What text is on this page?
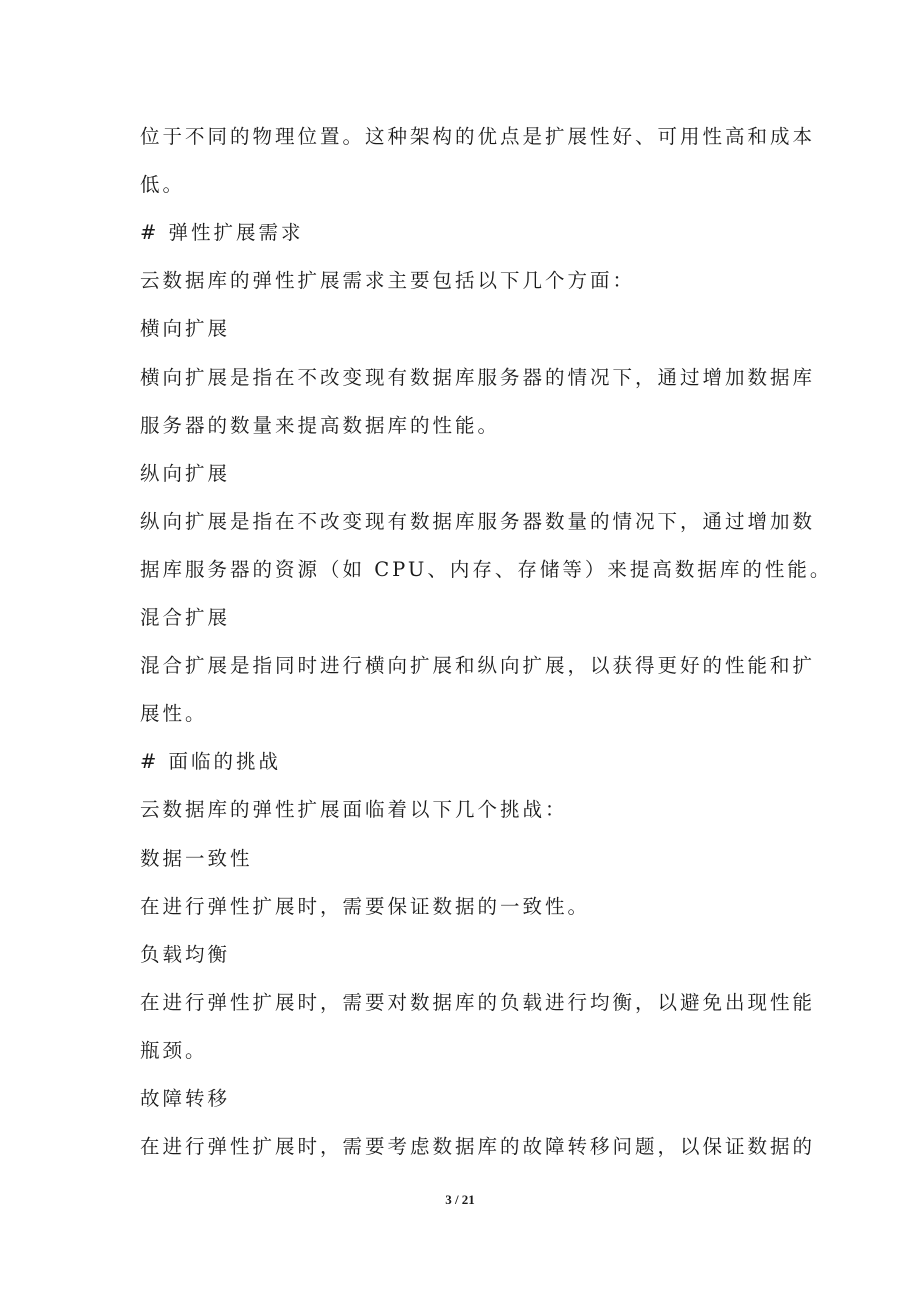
位于不同的物理位置。这种架构的优点是扩展性好、可用性高和成本
低。
# 弹性扩展需求
云数据库的弹性扩展需求主要包括以下几个方面：
横向扩展
横向扩展是指在不改变现有数据库服务器的情况下，通过增加数据库
服务器的数量来提高数据库的性能。
纵向扩展
纵向扩展是指在不改变现有数据库服务器数量的情况下，通过增加数
据库服务器的资源（如 CPU、内存、存储等）来提高数据库的性能。
混合扩展
混合扩展是指同时进行横向扩展和纵向扩展，以获得更好的性能和扩
展性。
# 面临的挑战
云数据库的弹性扩展面临着以下几个挑战：
数据一致性
在进行弹性扩展时，需要保证数据的一致性。
负载均衡
在进行弹性扩展时，需要对数据库的负载进行均衡，以避免出现性能
瓶颈。
故障转移
在进行弹性扩展时，需要考虑数据库的故障转移问题，以保证数据的
3 / 21
